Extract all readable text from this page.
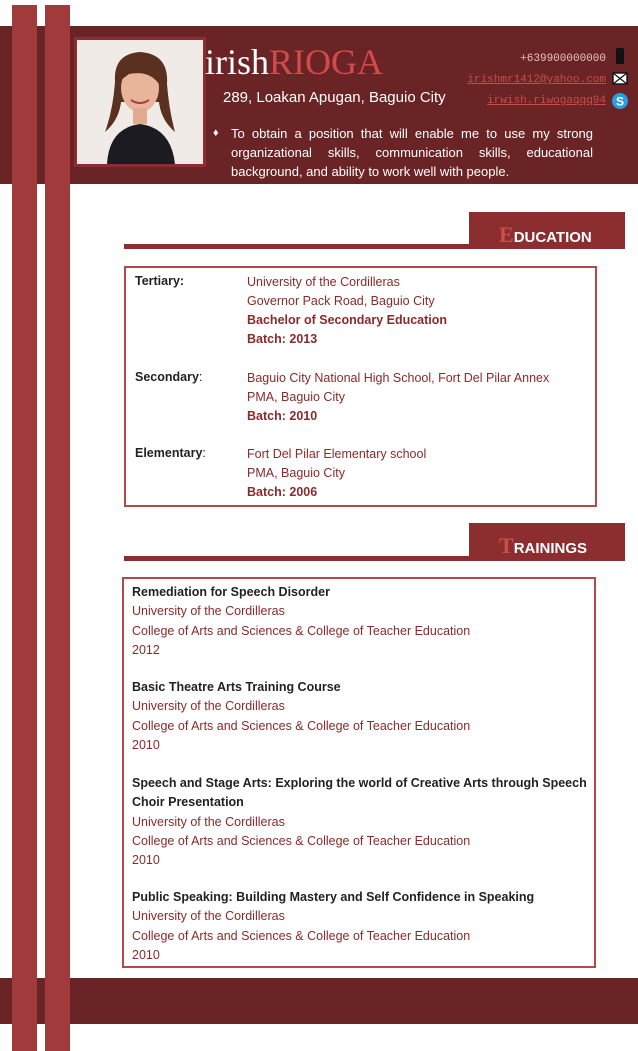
irishRIOGA
289, Loakan Apugan, Baguio City
+639900000000
irishmr1412@yahoo.com
irwish.riwogaqqq94 S
♦ To obtain a position that will enable me to use my strong organizational skills, communication skills, educational background, and ability to work well with people.
EDUCATION
Tertiary:	University of the Cordilleras
Governor Pack Road, Baguio City
Bachelor of Secondary Education
Batch: 2013
Secondary:	Baguio City National High School, Fort Del Pilar Annex
PMA, Baguio City
Batch: 2010
Elementary:	Fort Del Pilar Elementary school
PMA, Baguio City
Batch: 2006
TRAININGS
Remediation for Speech Disorder
University of the Cordilleras
College of Arts and Sciences & College of Teacher Education
2012
Basic Theatre Arts Training Course
University of the Cordilleras
College of Arts and Sciences & College of Teacher Education
2010
Speech and Stage Arts: Exploring the world of Creative Arts through Speech Choir Presentation
University of the Cordilleras
College of Arts and Sciences & College of Teacher Education
2010
Public Speaking: Building Mastery and Self Confidence in Speaking
University of the Cordilleras
College of Arts and Sciences & College of Teacher Education
2010
